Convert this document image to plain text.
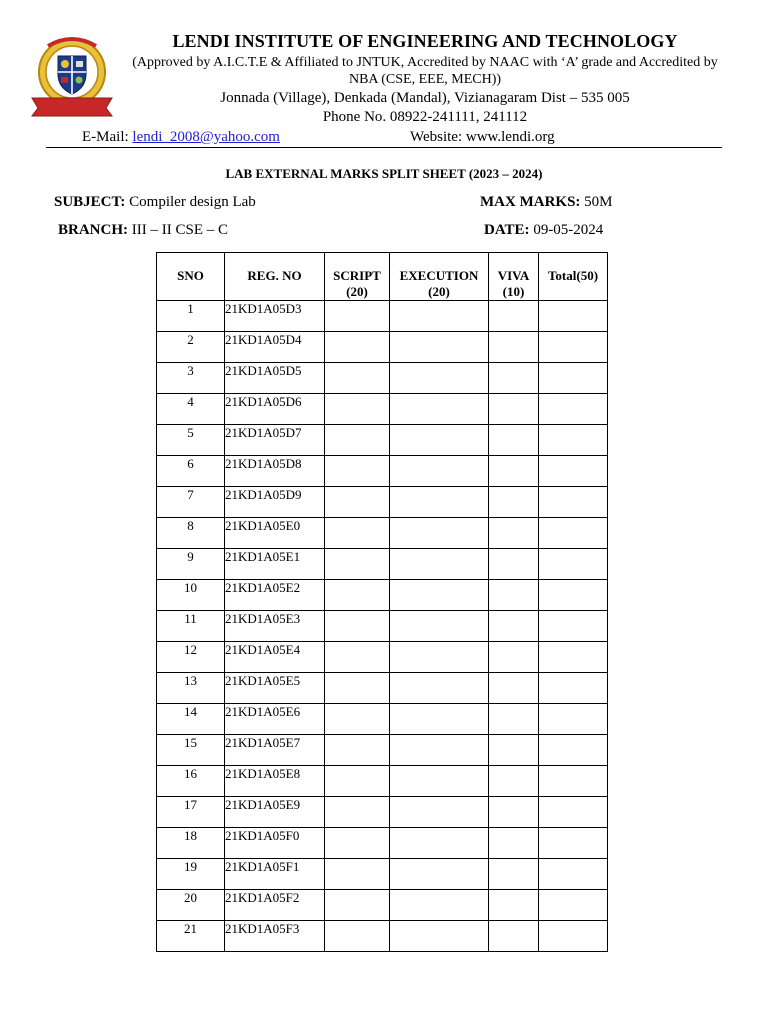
LENDI INSTITUTE OF ENGINEERING AND TECHNOLOGY
(Approved by A.I.C.T.E & Affiliated to JNTUK, Accredited by NAAC with ‘A’ grade and Accredited by NBA (CSE, EEE, MECH))
Jonnada (Village), Denkada (Mandal), Vizianagaram Dist – 535 005
Phone No. 08922-241111, 241112
E-Mail: lendi_2008@yahoo.com	Website: www.lendi.org
LAB EXTERNAL MARKS SPLIT SHEET (2023 – 2024)
SUBJECT: Compiler design Lab	MAX MARKS: 50M
BRANCH: III – II CSE – C	DATE: 09-05-2024
SNO	REG. NO	SCRIPT (20)	EXECUTION (20)	VIVA (10)	Total(50)
1	21KD1A05D3				
2	21KD1A05D4				
3	21KD1A05D5				
4	21KD1A05D6				
5	21KD1A05D7				
6	21KD1A05D8				
7	21KD1A05D9				
8	21KD1A05E0				
9	21KD1A05E1				
10	21KD1A05E2				
11	21KD1A05E3				
12	21KD1A05E4				
13	21KD1A05E5				
14	21KD1A05E6				
15	21KD1A05E7				
16	21KD1A05E8				
17	21KD1A05E9				
18	21KD1A05F0				
19	21KD1A05F1				
20	21KD1A05F2				
21	21KD1A05F3				
